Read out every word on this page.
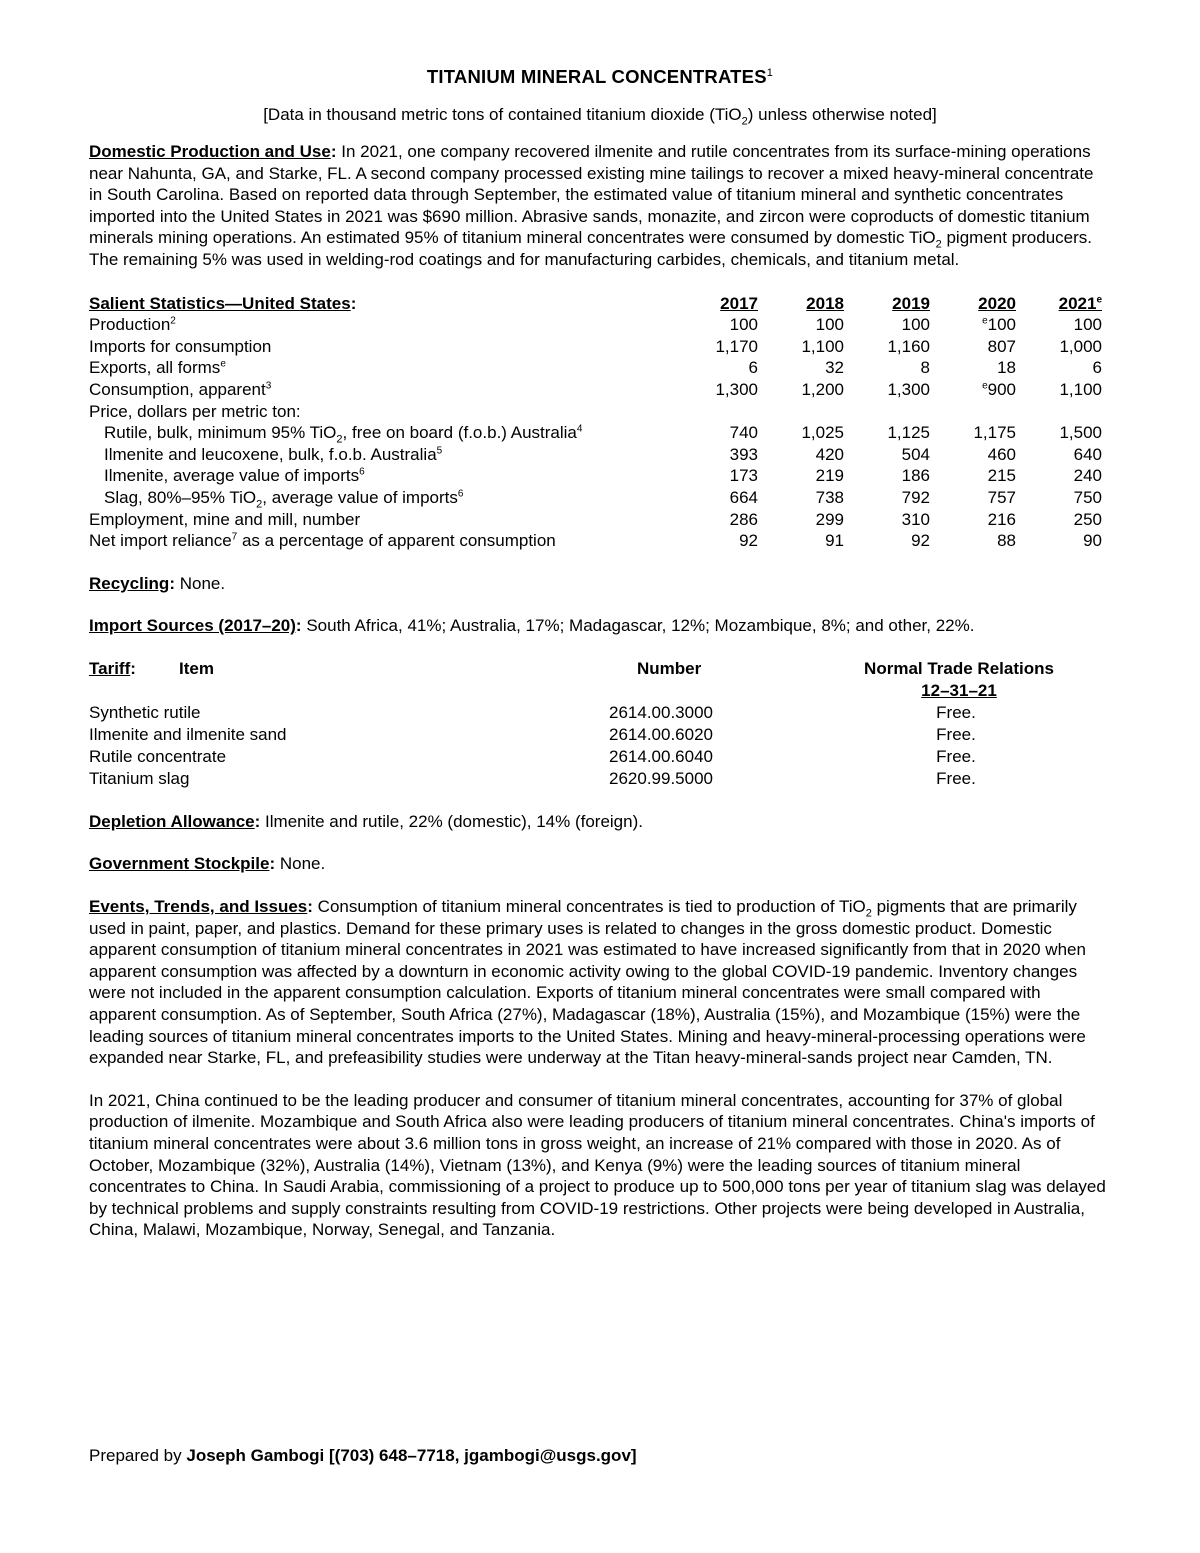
TITANIUM MINERAL CONCENTRATES$^1$
[Data in thousand metric tons of contained titanium dioxide (TiO$_2$) unless otherwise noted]

Domestic Production and Use: In 2021, one company recovered ilmenite and rutile concentrates from its surface-mining operations near Nahunta, GA, and Starke, FL. A second company processed existing mine tailings to recover a mixed heavy-mineral concentrate in South Carolina. Based on reported data through September, the estimated value of titanium mineral and synthetic concentrates imported into the United States in 2021 was $690 million. Abrasive sands, monazite, and zircon were coproducts of domestic titanium minerals mining operations. An estimated 95% of titanium mineral concentrates were consumed by domestic TiO$_2$ pigment producers. The remaining 5% was used in welding-rod coatings and for manufacturing carbides, chemicals, and titanium metal.

Salient Statistics—United States:	2017	2018	2019	2020	2021e
Production$^2$	100	100	100	$^e$100	100
Imports for consumption	1,170	1,100	1,160	807	1,000
Exports, all forms$^e$	6	32	8	18	6
Consumption, apparent$^3$	1,300	1,200	1,300	$^e$900	1,100
Price, dollars per metric ton:					
Rutile, bulk, minimum 95% TiO$_2$, free on board (f.o.b.) Australia$^4$	740	1,025	1,125	1,175	1,500
Ilmenite and leucoxene, bulk, f.o.b. Australia$^5$	393	420	504	460	640
Ilmenite, average value of imports$^6$	173	219	186	215	240
Slag, 80%–95% TiO$_2$, average value of imports$^6$	664	738	792	757	750
Employment, mine and mill, number	286	299	310	216	250
Net import reliance$^7$ as a percentage of apparent consumption	92	91	92	88	90

Recycling: None.

Import Sources (2017–20): South Africa, 41%; Australia, 17%; Madagascar, 12%; Mozambique, 8%; and other, 22%.

Tariff:	Item	Number	Normal Trade Relations
12–31–21
Synthetic rutile	2614.00.3000	Free.
Ilmenite and ilmenite sand	2614.00.6020	Free.
Rutile concentrate	2614.00.6040	Free.
Titanium slag	2620.99.5000	Free.

Depletion Allowance: Ilmenite and rutile, 22% (domestic), 14% (foreign).

Government Stockpile: None.

Events, Trends, and Issues: Consumption of titanium mineral concentrates is tied to production of TiO$_2$ pigments that are primarily used in paint, paper, and plastics. Demand for these primary uses is related to changes in the gross domestic product. Domestic apparent consumption of titanium mineral concentrates in 2021 was estimated to have increased significantly from that in 2020 when apparent consumption was affected by a downturn in economic activity owing to the global COVID-19 pandemic. Inventory changes were not included in the apparent consumption calculation. Exports of titanium mineral concentrates were small compared with apparent consumption. As of September, South Africa (27%), Madagascar (18%), Australia (15%), and Mozambique (15%) were the leading sources of titanium mineral concentrates imports to the United States. Mining and heavy-mineral-processing operations were expanded near Starke, FL, and prefeasibility studies were underway at the Titan heavy-mineral-sands project near Camden, TN.

In 2021, China continued to be the leading producer and consumer of titanium mineral concentrates, accounting for 37% of global production of ilmenite. Mozambique and South Africa also were leading producers of titanium mineral concentrates. China's imports of titanium mineral concentrates were about 3.6 million tons in gross weight, an increase of 21% compared with those in 2020. As of October, Mozambique (32%), Australia (14%), Vietnam (13%), and Kenya (9%) were the leading sources of titanium mineral concentrates to China. In Saudi Arabia, commissioning of a project to produce up to 500,000 tons per year of titanium slag was delayed by technical problems and supply constraints resulting from COVID-19 restrictions. Other projects were being developed in Australia, China, Malawi, Mozambique, Norway, Senegal, and Tanzania.

Prepared by Joseph Gambogi [(703) 648–7718, jgambogi@usgs.gov]
